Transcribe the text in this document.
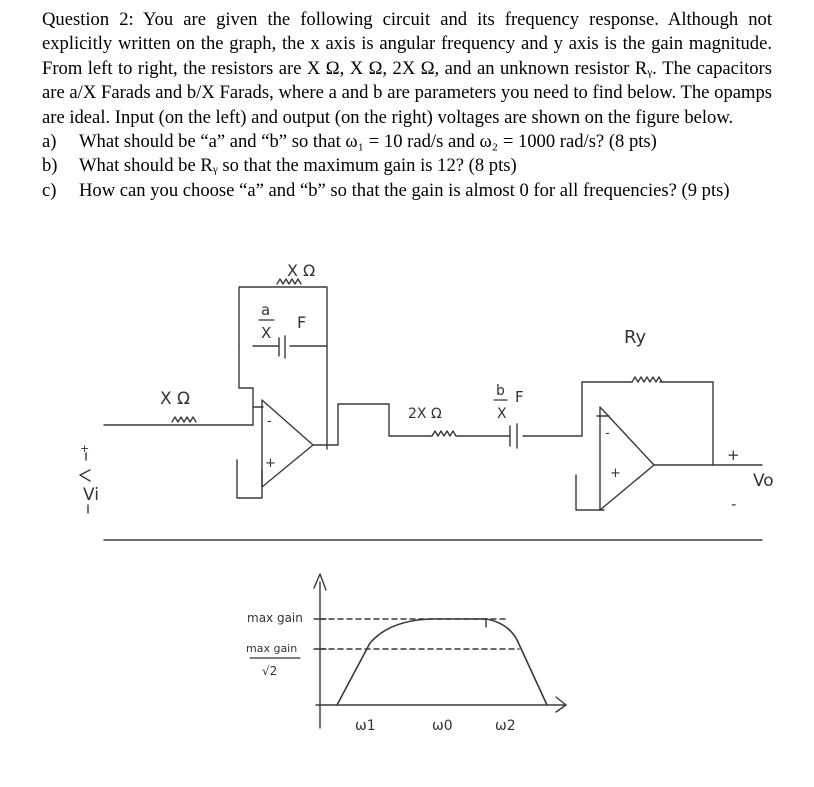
Question 2: You are given the following circuit and its frequency response. Although not explicitly written on the graph, the x axis is angular frequency and y axis is the gain magnitude. From left to right, the resistors are X Ω, X Ω, 2X Ω, and an unknown resistor Rᵧ. The capacitors are a/X Farads and b/X Farads, where a and b are parameters you need to find below. The opamps are ideal. Input (on the left) and output (on the right) voltages are shown on the figure below.

a)	What should be “a” and “b” so that ω₁ = 10 rad/s and ω₂ = 1000 rad/s? (8 pts)
b)	What should be Rᵧ so that the maximum gain is 12? (8 pts)
c)	How can you choose “a” and “b” so that the gain is almost 0 for all frequencies? (9 pts)
X Ω
a
X
F
X Ω
2X Ω
b
X
F
Ry
Vi
+
Vo
+
-
-
+
-
+
max gain
max gain
√2
ω1	ω0	ω2
